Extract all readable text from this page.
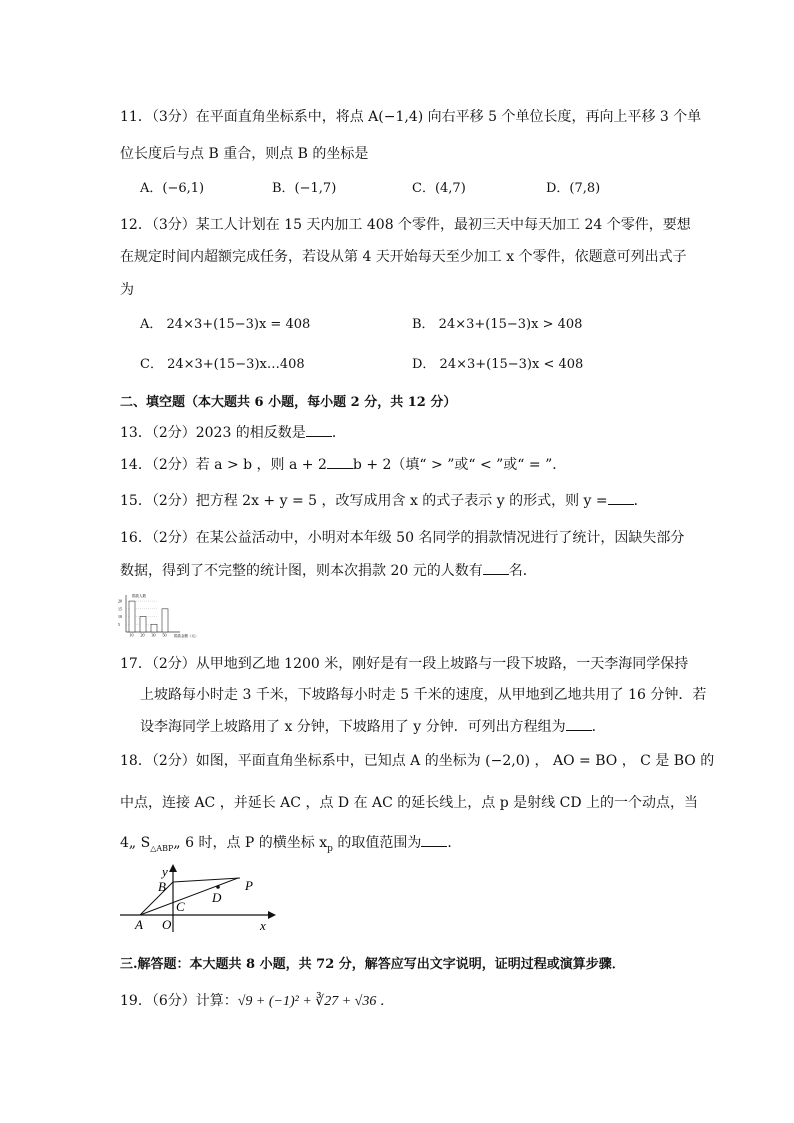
11．（3分）在平面直角坐标系中，将点 A(−1,4) 向右平移 5 个单位长度，再向上平移 3 个单
位长度后与点 B 重合，则点 B 的坐标是
A．(−6,1)	B．(−1,7)	C．(4,7)	D．(7,8)
12．（3分）某工人计划在 15 天内加工 408 个零件，最初三天中每天加工 24 个零件，要想
在规定时间内超额完成任务，若设从第 4 天开始每天至少加工 x 个零件，依题意可列出式子
为
A． 24×3+(15−3)x = 408	B． 24×3+(15−3)x > 408
C． 24×3+(15−3)x…408	D． 24×3+(15−3)x < 408
二、填空题（本大题共 6 小题，每小题 2 分，共 12 分）
13．（2分）2023 的相反数是 ．
14．（2分）若 a > b ，则 a + 2 b + 2（填“ > ”或“ < ”或“ = ”．
15．（2分）把方程 2x + y = 5 ，改写成用含 x 的式子表示 y 的形式，则 y = ．
16．（2分）在某公益活动中，小明对本年级 50 名同学的捐款情况进行了统计，因缺失部分
数据，得到了不完整的统计图，则本次捐款 20 元的人数有 名．
捐款人数
捐款金额（元）
20
15
10
5
10 20 30 50
17．（2分）从甲地到乙地 1200 米，刚好是有一段上坡路与一段下坡路，一天李海同学保持
上坡路每小时走 3 千米，下坡路每小时走 5 千米的速度，从甲地到乙地共用了 16 分钟．若
设李海同学上坡路用了 x 分钟，下坡路用了 y 分钟．可列出方程组为 ．
18．（2分）如图，平面直角坐标系中，已知点 A 的坐标为 (−2,0) ， AO = BO ， C 是 BO 的
中点，连接 AC ，并延长 AC ，点 D 在 AC 的延长线上，点 p 是射线 CD 上的一个动点，当
4„ $S_{\triangle ABP}„$ 6 时，点 P 的横坐标 $x_p$ 的取值范围为 ．
A O
B
C
D
P
x
y
三.解答题：本大题共 8 小题，共 72 分，解答应写出文字说明，证明过程或演算步骤．
19．（6分）计算：√9 + (−1)² + ∛27 + √36 ．
